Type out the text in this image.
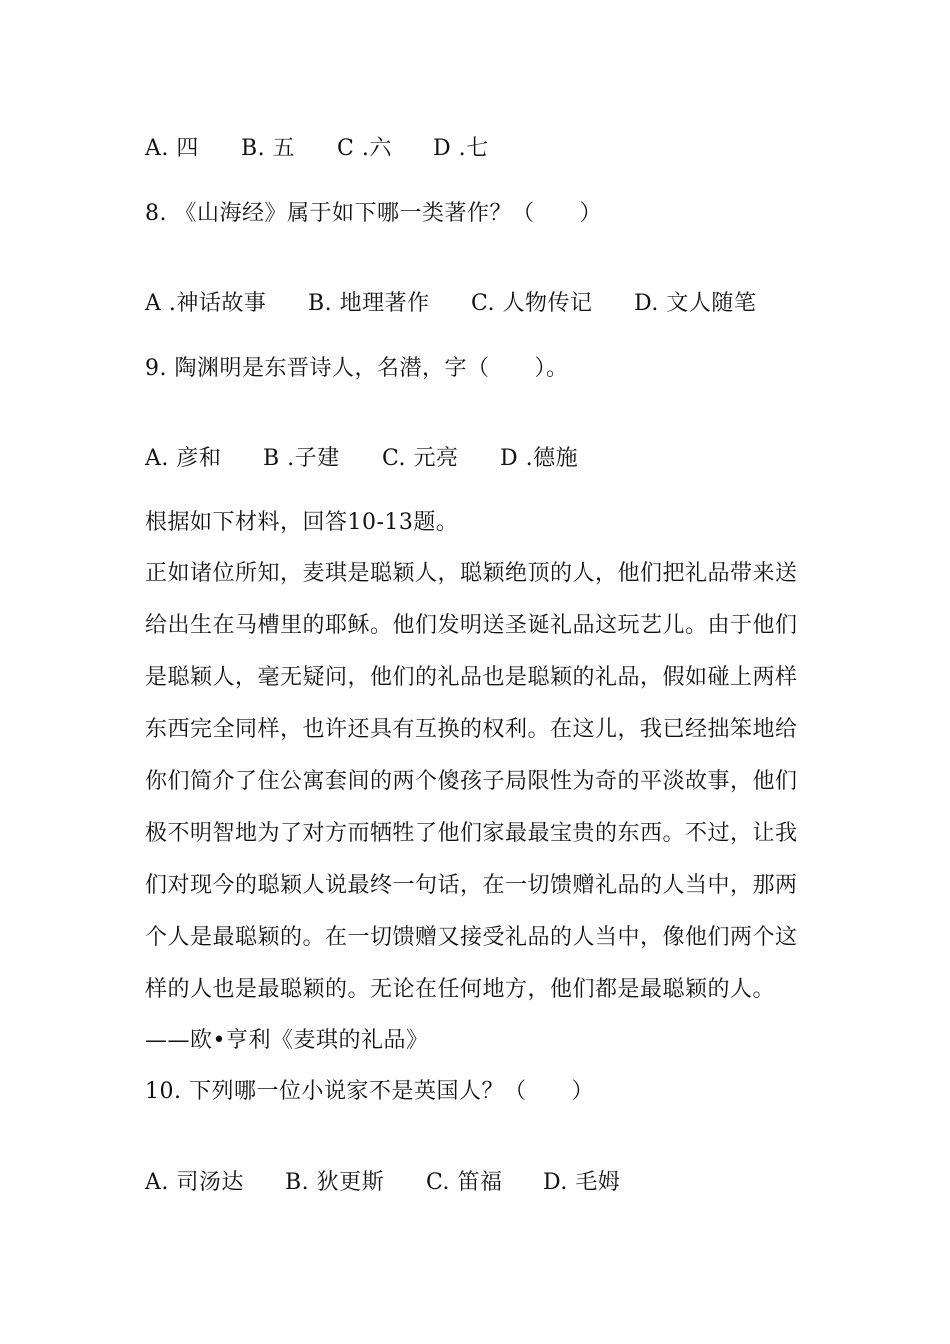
A. 四

B. 五

C .六

D .七

8. 《山海经》属于如下哪一类著作？（　　）

A .神话故事

B. 地理著作

C. 人物传记

D. 文人随笔

9. 陶渊明是东晋诗人，名潜，字（　　）。

A. 彦和

B .子建

C. 元亮

D .德施

根据如下材料，回答10-13题。
正如诸位所知，麦琪是聪颖人，聪颖绝顶的人，他们把礼品带来送
给出生在马槽里的耶稣。他们发明送圣诞礼品这玩艺儿。由于他们
是聪颖人，毫无疑问，他们的礼品也是聪颖的礼品，假如碰上两样
东西完全同样，也许还具有互换的权利。在这儿，我已经拙笨地给
你们简介了住公寓套间的两个傻孩子局限性为奇的平淡故事，他们
极不明智地为了对方而牺牲了他们家最最宝贵的东西。不过，让我
们对现今的聪颖人说最终一句话，在一切馈赠礼品的人当中，那两
个人是最聪颖的。在一切馈赠又接受礼品的人当中，像他们两个这
样的人也是最聪颖的。无论在任何地方，他们都是最聪颖的人。
——欧•亨利《麦琪的礼品》
10. 下列哪一位小说家不是英国人？（　　）

A. 司汤达

B. 狄更斯

C. 笛福

D. 毛姆
